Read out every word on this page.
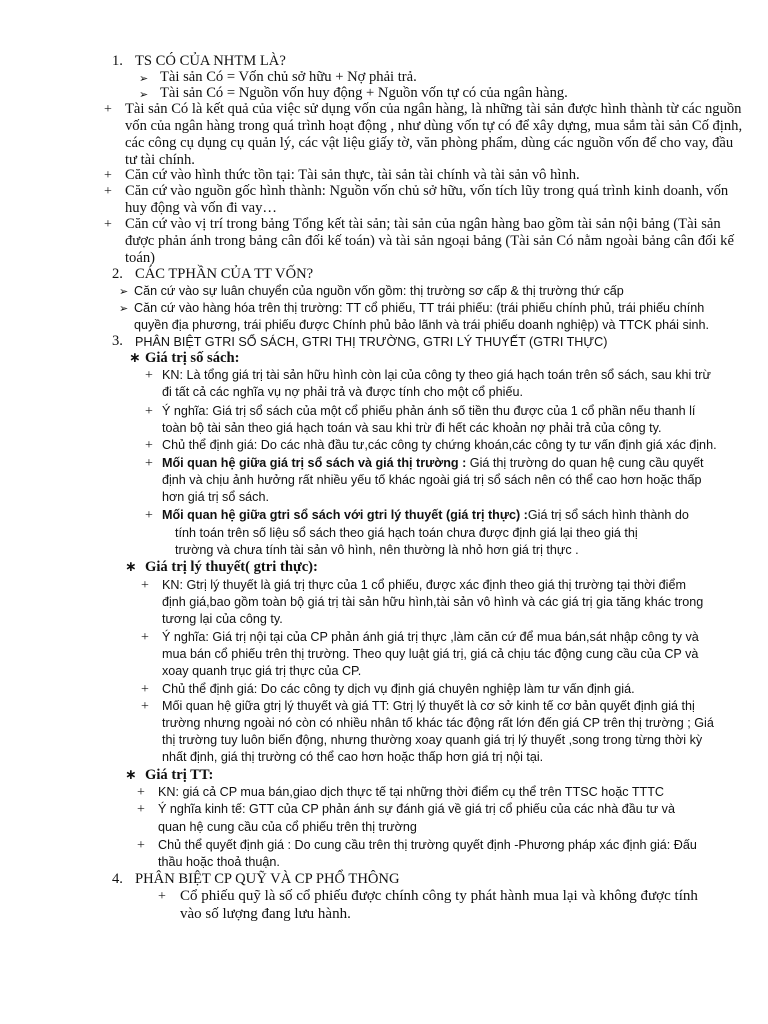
1. TS CÓ CỦA NHTM LÀ?
➢ Tài sản Có = Vốn chủ sở hữu + Nợ phải trả.
➢ Tài sản Có = Nguồn vốn huy động + Nguồn vốn tự có của ngân hàng.
+ Tài sản Có là kết quả của việc sử dụng vốn của ngân hàng, là những tài sản được hình thành từ các nguồn
vốn của ngân hàng trong quá trình hoạt động , như dùng vốn tự có để xây dựng, mua sắm tài sản Cố định,
các công cụ dụng cụ quản lý, các vật liệu giấy tờ, văn phòng phẩm, dùng các nguồn vốn để cho vay, đầu
tư tài chính.
+ Căn cứ vào hình thức tồn tại: Tài sản thực, tài sản tài chính và tài sản vô hình.
+ Căn cứ vào nguồn gốc hình thành: Nguồn vốn chủ sở hữu, vốn tích lũy trong quá trình kinh doanh, vốn
huy động và vốn đi vay…
+ Căn cứ vào vị trí trong bảng Tổng kết tài sản; tài sản của ngân hàng bao gồm tài sản nội bảng (Tài sản
được phản ánh trong bảng cân đối kế toán) và tài sản ngoại bảng (Tài sản Có nằm ngoài bảng cân đối kế
toán)
2. CÁC TPHẦN CỦA TT VỐN?
➢ Căn cứ vào sự luân chuyển của nguồn vốn gồm: thị trường sơ cấp & thị trường thứ cấp
➢ Căn cứ vào hàng hóa trên thị trường: TT cổ phiếu, TT trái phiếu: (trái phiếu chính phủ, trái phiếu chính
quyền địa phương, trái phiếu được Chính phủ bảo lãnh và trái phiếu doanh nghiệp) và TTCK phái sinh.
3. PHÂN BIỆT GTRI SỔ SÁCH, GTRI THỊ TRƯỜNG, GTRI LÝ THUYẾT (GTRI THỰC)
∗ Giá trị số sách:
+ KN: Là tổng giá trị tài sản hữu hình còn lại của công ty theo giá hạch toán trên sổ sách, sau khi trừ
đi tất cả các nghĩa vụ nợ phải trả và được tính cho một cổ phiếu.
+ Ý nghĩa: Giá trị sổ sách của một cổ phiếu phản ánh số tiền thu được của 1 cổ phần nếu thanh lí
toàn bộ tài sản theo giá hạch toán và sau khi trừ đi hết các khoản nợ phải trả của công ty.
+ Chủ thể định giá: Do các nhà đầu tư,các công ty chứng khoán,các công ty tư vấn định giá xác định.
+ Mối quan hệ giữa giá trị sổ sách và giá thị trường : Giá thị trường do quan hệ cung cầu quyết
định và chịu ảnh hưởng rất nhiều yếu tố khác ngoài giá trị sổ sách nên có thể cao hơn hoặc thấp
hơn giá trị sổ sách.
+ Mối quan hệ giữa gtri sổ sách với gtri lý thuyết (giá trị thực) :Giá trị sổ sách hình thành do
tính toán trên số liệu sổ sách theo giá hạch toán chưa được định giá lại theo giá thị
trường và chưa tính tài sản vô hình, nên thường là nhỏ hơn giá trị thực .
∗ Giá trị lý thuyết( gtri thực):
+ KN: Gtrị lý thuyết là giá trị thực của 1 cổ phiếu, được xác định theo giá thị trường tại thời điểm
định giá,bao gồm toàn bộ giá trị tài sản hữu hình,tài sản vô hình và các giá trị gia tăng khác trong
tương lại của công ty.
+ Ý nghĩa: Giá trị nội tại của CP phản ánh giá trị thực ,làm căn cứ để mua bán,sát nhập công ty và
mua bán cổ phiếu trên thị trường. Theo quy luật giá trị, giá cả chịu tác động cung cầu của CP và
xoay quanh trục giá trị thực của CP.
+ Chủ thể định giá: Do các công ty dịch vụ định giá chuyên nghiệp làm tư vấn định giá.
+ Mối quan hệ giữa gtrị lý thuyết và giá TT: Gtrị lý thuyết là cơ sở kinh tế cơ bản quyết định giá thị
trường nhưng ngoài nó còn có nhiều nhân tố khác tác động rất lớn đến giá CP trên thị trường ; Giá
thị trường tuy luôn biến động, nhưng thường xoay quanh giá trị lý thuyết ,song trong từng thời kỳ
nhất định, giá thị trường có thể cao hơn hoặc thấp hơn giá trị nội tại.
∗ Giá trị TT:
+ KN: giá cả CP mua bán,giao dịch thực tế tại những thời điểm cụ thể trên TTSC hoặc TTTC
+ Ý nghĩa kinh tế: GTT của CP phản ánh sự đánh giá về giá trị cổ phiếu của các nhà đầu tư và
quan hệ cung cầu của cổ phiếu trên thị trường
+ Chủ thể quyết định giá : Do cung cầu trên thị trường quyết định -Phương pháp xác định giá: Đấu
thầu hoặc thoả thuận.
4. PHÂN BIỆT CP QUỸ VÀ CP PHỔ THÔNG
+ Cổ phiếu quỹ là số cổ phiếu được chính công ty phát hành mua lại và không được tính
vào số lượng đang lưu hành.
